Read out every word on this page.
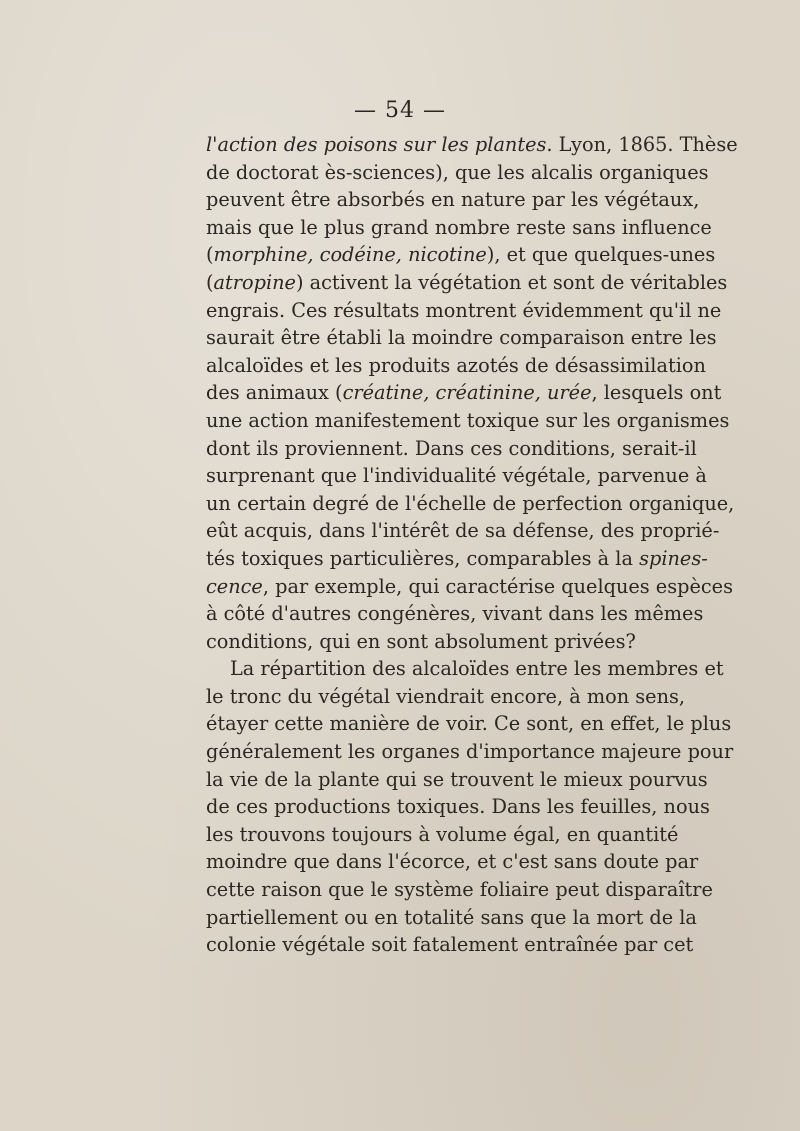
— 54 —
l'action des poisons sur les plantes. Lyon, 1865. Thèse
de doctorat ès-sciences), que les alcalis organiques
peuvent être absorbés en nature par les végétaux,
mais que le plus grand nombre reste sans influence
(morphine, codéine, nicotine), et que quelques-unes
(atropine) activent la végétation et sont de véritables
engrais. Ces résultats montrent évidemment qu'il ne
saurait être établi la moindre comparaison entre les
alcaloïdes et les produits azotés de désassimilation
des animaux (créatine, créatinine, urée, lesquels ont
une action manifestement toxique sur les organismes
dont ils proviennent. Dans ces conditions, serait-il
surprenant que l'individualité végétale, parvenue à
un certain degré de l'échelle de perfection organique,
eût acquis, dans l'intérêt de sa défense, des proprié-
tés toxiques particulières, comparables à la spines-
cence, par exemple, qui caractérise quelques espèces
à côté d'autres congénères, vivant dans les mêmes
conditions, qui en sont absolument privées?
La répartition des alcaloïdes entre les membres et
le tronc du végétal viendrait encore, à mon sens,
étayer cette manière de voir. Ce sont, en effet, le plus
généralement les organes d'importance majeure pour
la vie de la plante qui se trouvent le mieux pourvus
de ces productions toxiques. Dans les feuilles, nous
les trouvons toujours à volume égal, en quantité
moindre que dans l'écorce, et c'est sans doute par
cette raison que le système foliaire peut disparaître
partiellement ou en totalité sans que la mort de la
colonie végétale soit fatalement entraînée par cet
